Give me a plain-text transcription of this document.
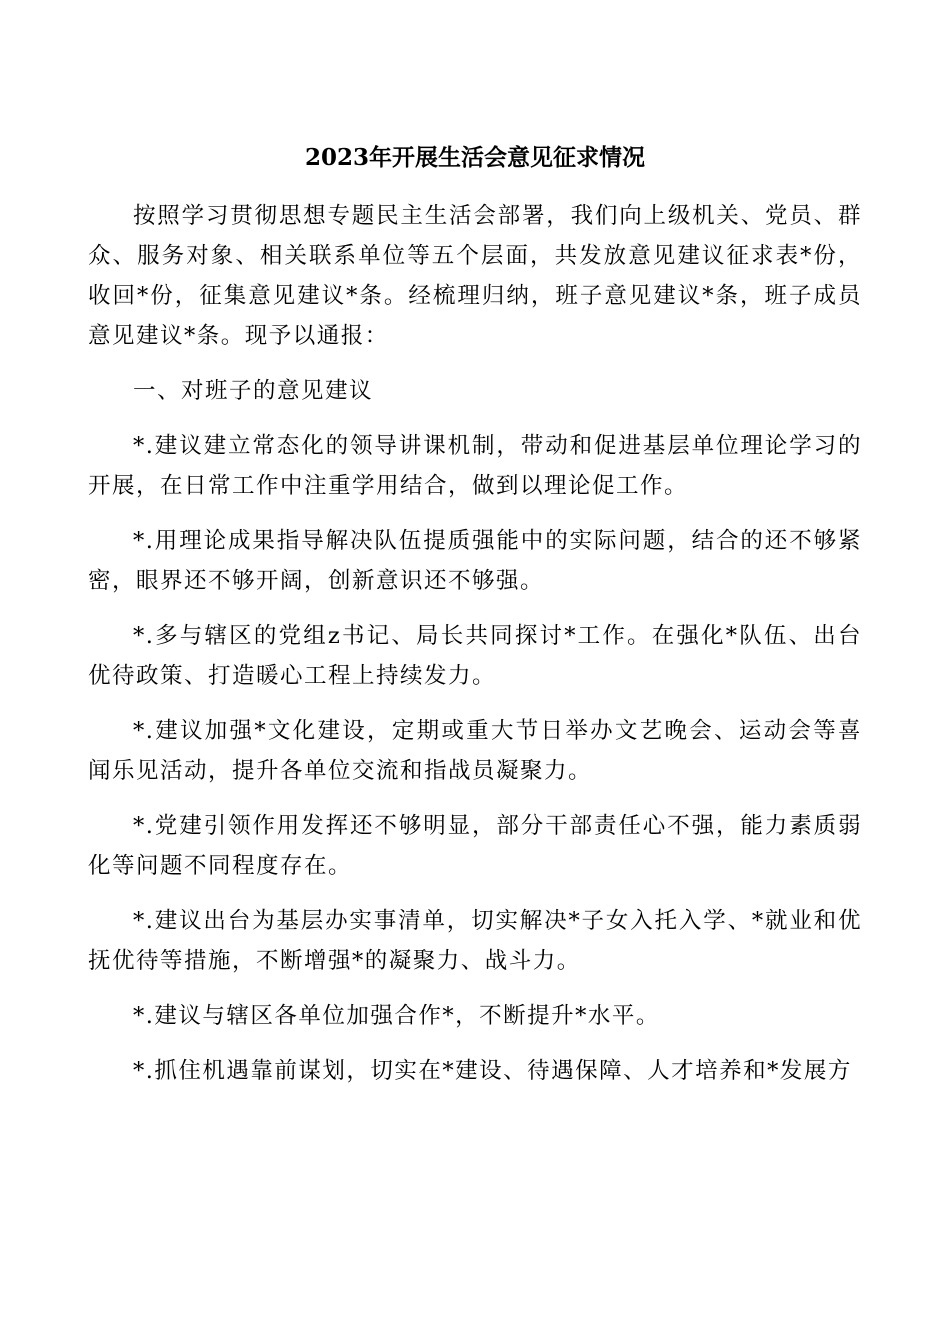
2023年开展生活会意见征求情况

按照学习贯彻思想专题民主生活会部署，我们向上级机关、党员、群众、服务对象、相关联系单位等五个层面，共发放意见建议征求表*份，收回*份，征集意见建议*条。经梳理归纳，班子意见建议*条，班子成员意见建议*条。现予以通报：

一、对班子的意见建议

*.建议建立常态化的领导讲课机制，带动和促进基层单位理论学习的开展，在日常工作中注重学用结合，做到以理论促工作。

*.用理论成果指导解决队伍提质强能中的实际问题，结合的还不够紧密，眼界还不够开阔，创新意识还不够强。

*.多与辖区的党组z书记、局长共同探讨*工作。在强化*队伍、出台优待政策、打造暖心工程上持续发力。

*.建议加强*文化建设，定期或重大节日举办文艺晚会、运动会等喜闻乐见活动，提升各单位交流和指战员凝聚力。

*.党建引领作用发挥还不够明显，部分干部责任心不强，能力素质弱化等问题不同程度存在。

*.建议出台为基层办实事清单，切实解决*子女入托入学、*就业和优抚优待等措施，不断增强*的凝聚力、战斗力。

*.建议与辖区各单位加强合作*，不断提升*水平。

*.抓住机遇靠前谋划，切实在*建设、待遇保障、人才培养和*发展方
